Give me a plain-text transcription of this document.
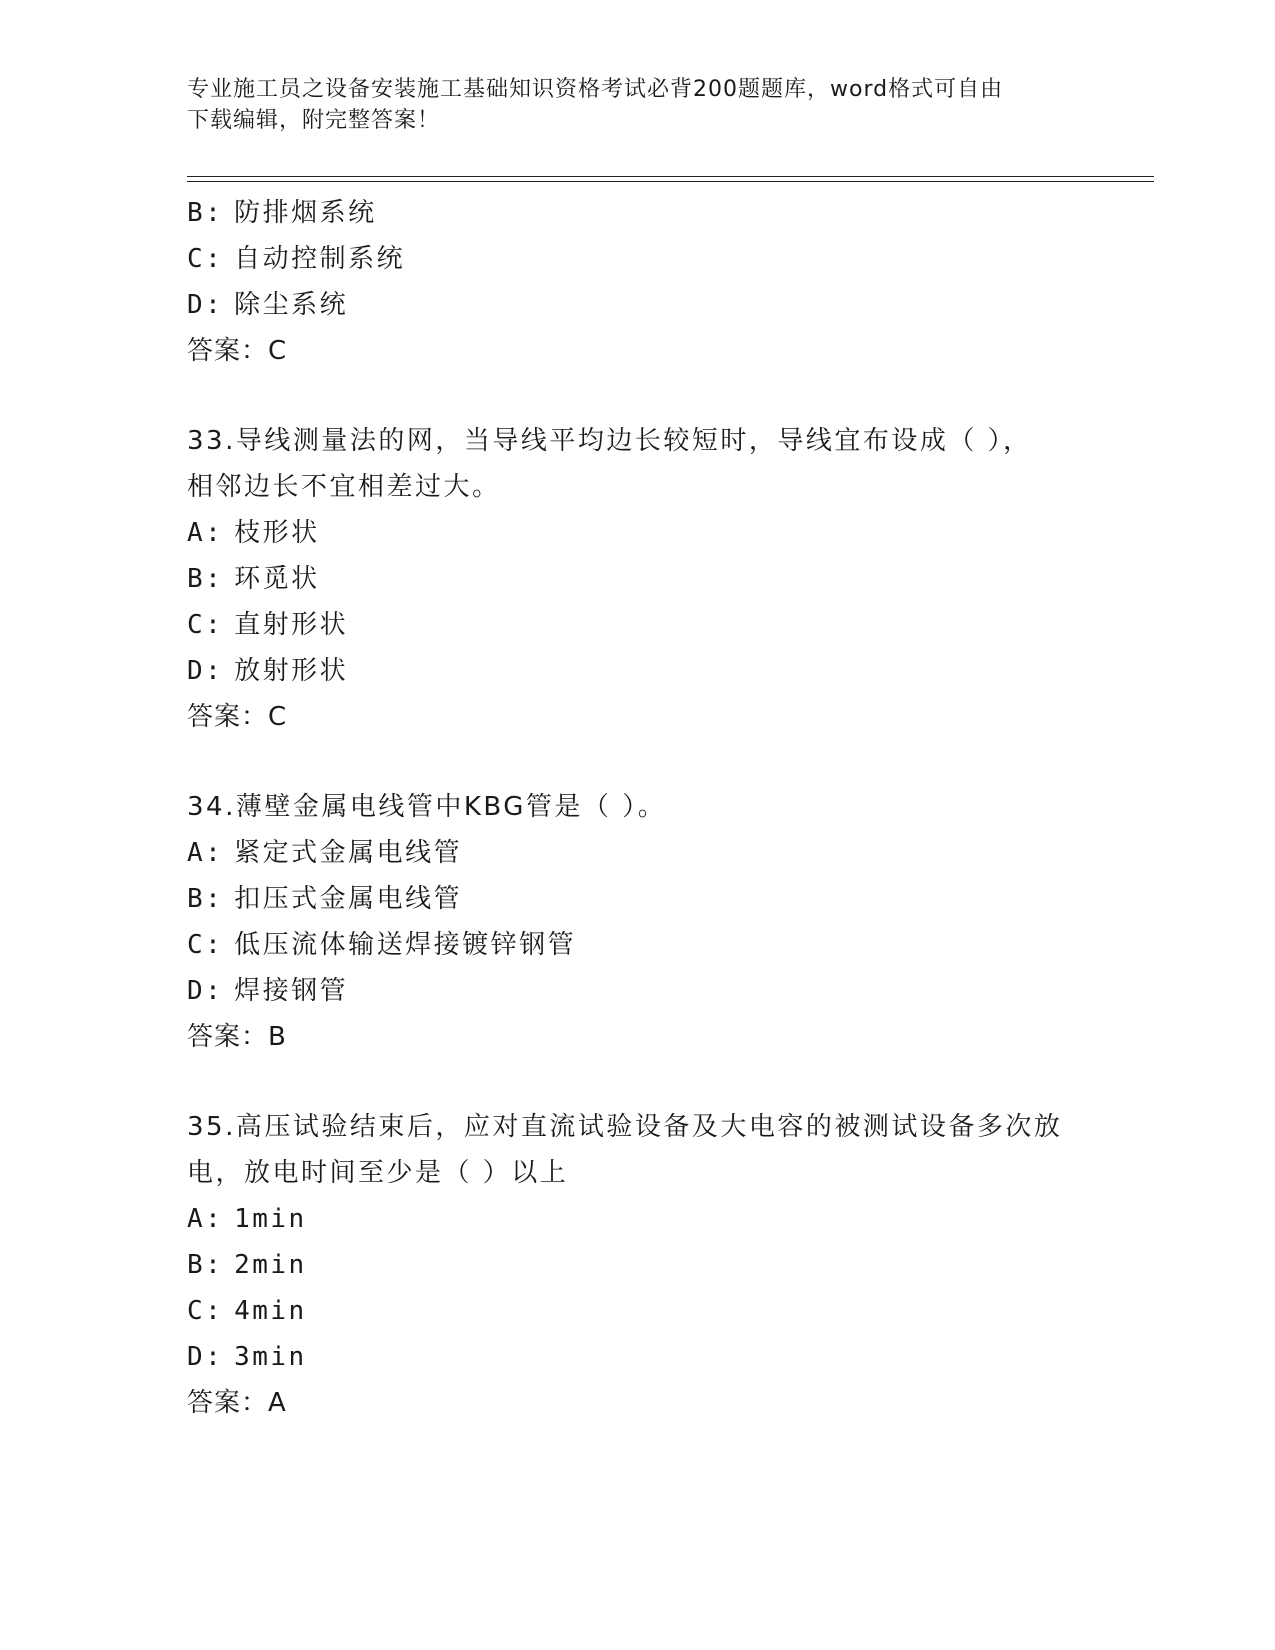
专业施工员之设备安装施工基础知识资格考试必背200题题库，word格式可自由
下载编辑，附完整答案！
B: 防排烟系统
C: 自动控制系统
D: 除尘系统
答案：C
33.导线测量法的网，当导线平均边长较短时，导线宜布设成（ ），
相邻边长不宜相差过大。
A: 枝形状
B: 环觅状
C: 直射形状
D: 放射形状
答案：C
34.薄壁金属电线管中KBG管是（ ）。
A: 紧定式金属电线管
B: 扣压式金属电线管
C: 低压流体输送焊接镀锌钢管
D: 焊接钢管
答案：B
35.高压试验结束后，应对直流试验设备及大电容的被测试设备多次放
电，放电时间至少是（ ）以上
A: 1min
B: 2min
C: 4min
D: 3min
答案：A
